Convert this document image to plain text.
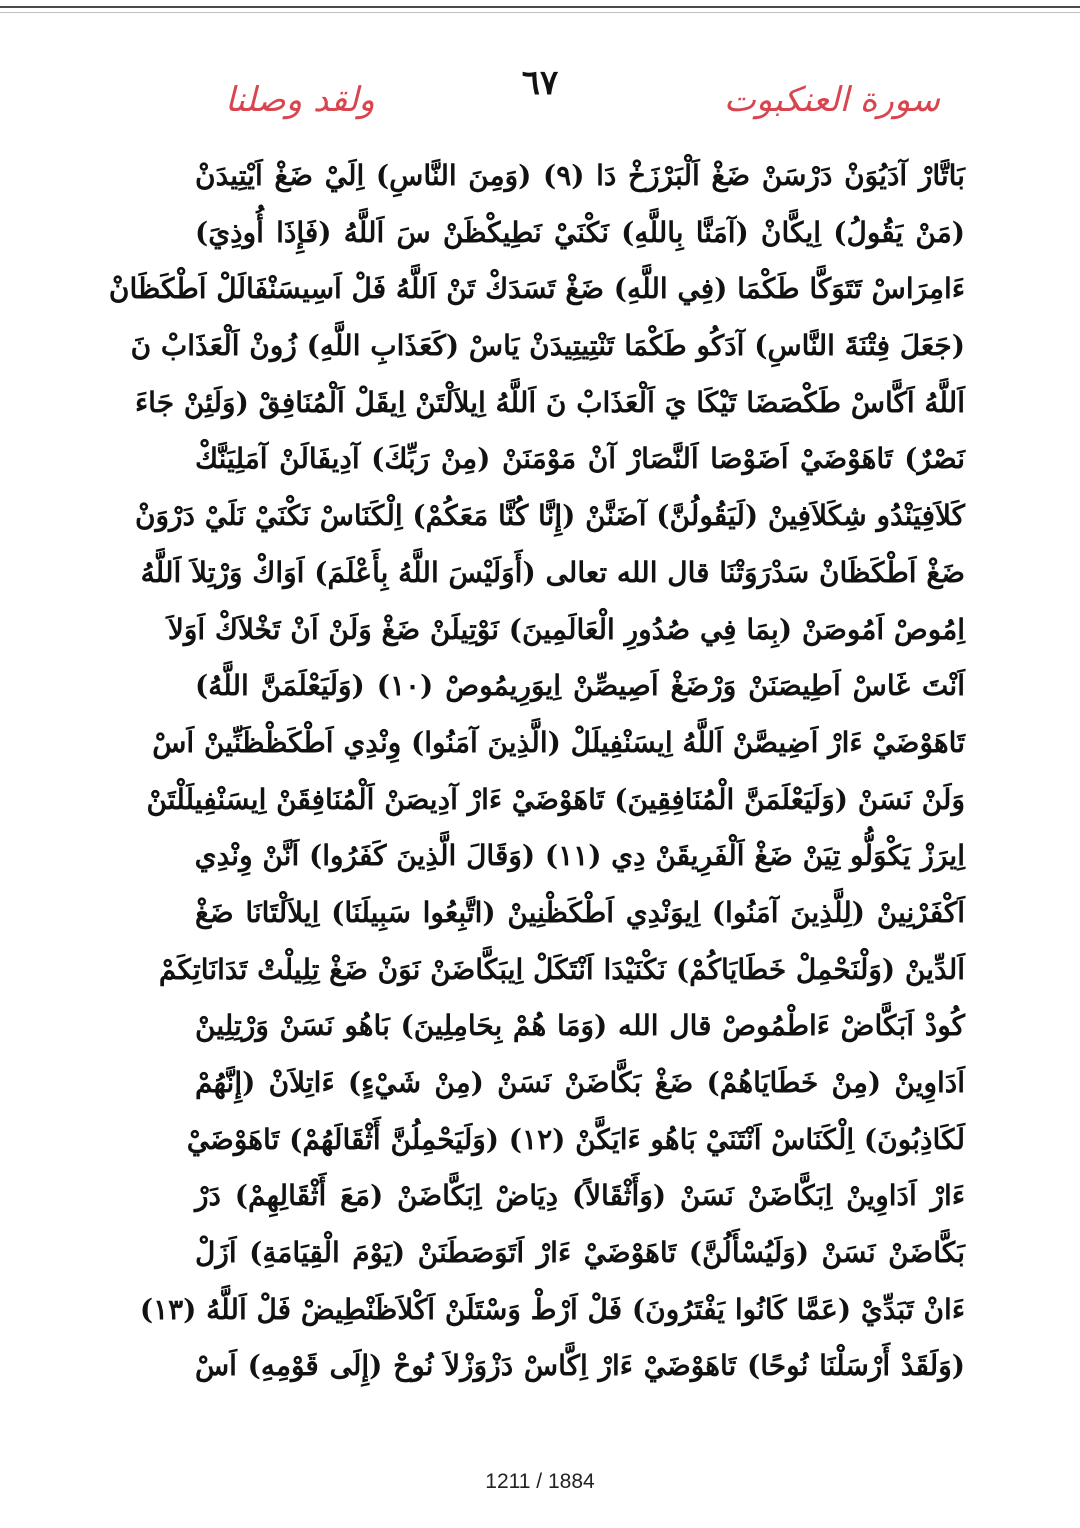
٦٧	سورة العنكبوت
ولقد وصلنا
بَاتَّارْ آدَيُوَنْ دَرْسَنْ ضَغْ اَلْبَرْزَخْ دَا (٩) (وَمِنَ النَّاسِ) اِلَيْ ضَغْ اَيْتِيدَنْ
(مَنْ يَقُولُ) اِيكَّانْ (آمَنَّا بِاللَّهِ) نَكْنَيْ نَطِيكْظَنْ سَ اَللَّهُ (فَإِذَا أُوذِيَ)
ءَامِرَاسْ تَتَوَكَّا طَكْمَا (فِي اللَّهِ) ضَغْ تَسَدَكْ تَنْ اَللَّهُ فَلْ اَسِيسَنْفَالَلْ اَطْكَظَانْ
(جَعَلَ فِتْنَةَ النَّاسِ) آدَكُو طَكْمَا تَنْتِيتِيدَنْ يَاسْ (كَعَذَابِ اللَّهِ) زُونْ اَلْعَذَابْ نَ
اَللَّهُ اَكَّاسْ طَكْصَضَا تَيْكَا يَ اَلْعَذَابْ نَ اَللَّهُ اِيلاَلْتَنْ اِيقَلْ اَلْمُنَافِقْ (وَلَئِنْ جَاءَ
نَصْرٌ) تَاهَوْضَيْ اَضَوْصَا اَلنَّصَارْ آنْ مَوْمَنَنْ (مِنْ رَبِّكَ) آدِيفَالَنْ آمَلِيَنَّكْ
كَلاَفِيَنْدُو شِكَلاَفِينْ (لَيَقُولُنَّ) آضَنَّنْ (إِنَّا كُنَّا مَعَكُمْ) اِلْكَنَاسْ نَكْنَيْ نَلَيْ دَرْوَنْ
ضَغْ اَطْكَظَانْ سَدْرَوَتْنَا قال الله تعالى (أَوَلَيْسَ اللَّهُ بِأَعْلَمَ) اَوَاكْ وَرْتِلاَ اَللَّهُ
اِمُوصْ اَمُوصَنْ (بِمَا فِي صُدُورِ الْعَالَمِينَ) نَوْتِيلَنْ ضَغْ وَلَنْ اَنْ تَخْلاَكْ اَوَلاَ
اَنْتَ غَاسْ اَطِيصَنَنْ وَرْضَغْ اَصِيصِّنْ اِيوَرِيمُوصْ (١٠) (وَلَيَعْلَمَنَّ اللَّهُ)
تَاهَوْضَيْ ءَارْ اَضِيصَّنْ اَللَّهُ اِيسَنْفِيلَلْ (الَّذِينَ آمَنُوا) وِنْدِي اَطْكَظْظَنِّينْ اَسْ
وَلَنْ نَسَنْ (وَلَيَعْلَمَنَّ الْمُنَافِقِينَ) تَاهَوْضَيْ ءَارْ آدِيصَنْ اَلْمُنَافِقَنْ اِيسَنْفِيلَلْتَنْ
اِيرَزْ يَكْوَلُّو تِيَنْ ضَغْ اَلْفَرِيقَنْ دِي (١١) (وَقَالَ الَّذِينَ كَفَرُوا) اَنَّنْ وِنْدِي
اَكْفَرْنِينْ (لِلَّذِينَ آمَنُوا) اِيوَنْدِي اَطْكَظْنِينْ (اتَّبِعُوا سَبِيلَنَا) اِيلاَلْتَانَا ضَغْ
اَلدِّينْ (وَلْنَحْمِلْ خَطَايَاكُمْ) نَكْنَيْدَا اَنْتَكَلْ اِيبَكَّاضَنْ نَوَنْ ضَغْ تِلِيلْتْ تَدَانَاتِكَمْ
كُودْ اَبَكَّاضْ ءَاطْمُوصْ قال الله (وَمَا هُمْ بِحَامِلِينَ) بَاهُو نَسَنْ وَرْتِلِينْ
اَدَاوِينْ (مِنْ خَطَايَاهُمْ) ضَغْ بَكَّاضَنْ نَسَنْ (مِنْ شَيْءٍ) ءَاتِلاَنْ (إِنَّهُمْ
لَكَاذِبُونَ) اِلْكَنَاسْ اَنْتَنَيْ بَاهُو ءَايَكَّنْ (١٢) (وَلَيَحْمِلُنَّ أَثْقَالَهُمْ) تَاهَوْضَيْ
ءَارْ اَدَاوِينْ اِبَكَّاضَنْ نَسَنْ (وَأَثْقَالاً) دِيَاضْ اِبَكَّاضَنْ (مَعَ أَثْقَالِهِمْ) دَرْ
بَكَّاضَنْ نَسَنْ (وَلَيُسْأَلُنَّ) تَاهَوْضَيْ ءَارْ اَتَوَصَطَنَنْ (يَوْمَ الْقِيَامَةِ) اَزَلْ
ءَانْ تَبَدِّيْ (عَمَّا كَانُوا يَفْتَرُونَ) فَلْ اَرْطْ وَسْتَلَنْ اَكْلاَظَنْطِيضْ فَلْ اَللَّهُ (١٣)
(وَلَقَدْ أَرْسَلْنَا نُوحًا) تَاهَوْضَيْ ءَارْ اِكَّاسْ دَزْوَزْلاَ نُوحْ (إِلَى قَوْمِهِ) اَسْ
1211 / 1884
